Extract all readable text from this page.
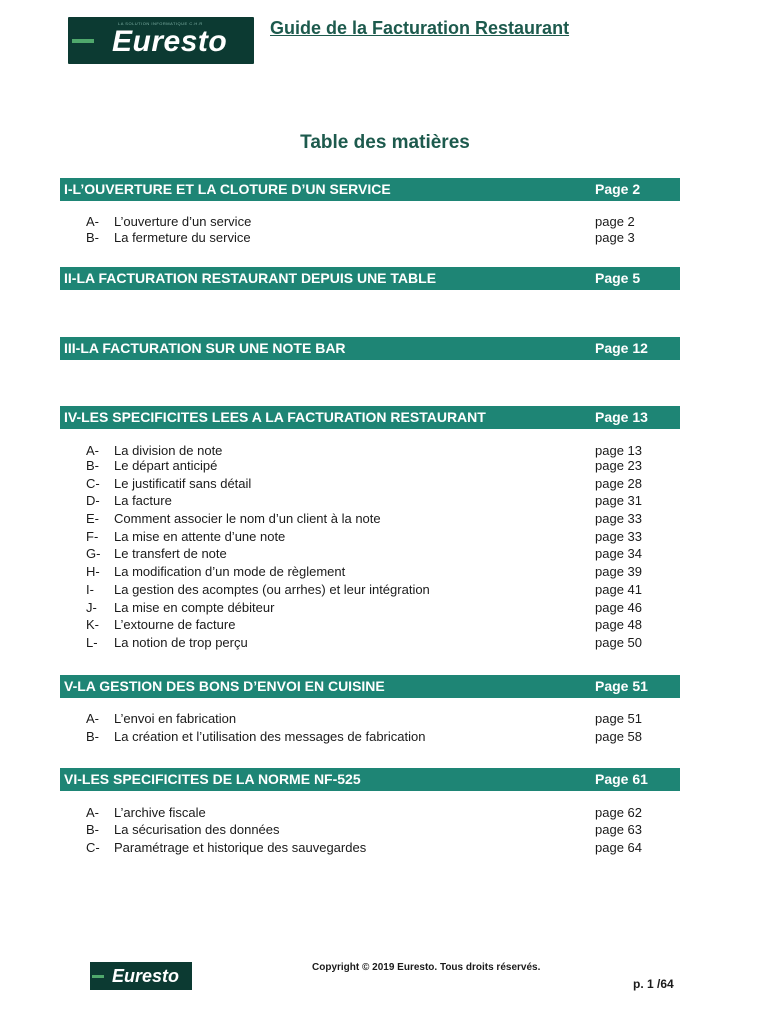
LA SOLUTION INFORMATIQUE C.H.R
Euresto Guide de la Facturation Restaurant
Table des matières
I-L’OUVERTURE ET LA CLOTURE D’UN SERVICE	Page 2
A- L’ouverture d’un service	page 2
B- La fermeture du service	page 3
II-LA FACTURATION RESTAURANT DEPUIS UNE TABLE	Page 5
III-LA FACTURATION SUR UNE NOTE BAR	Page 12
IV-LES SPECIFICITES LEES A LA FACTURATION RESTAURANT	Page 13
A- La division de note	page 13
B- Le départ anticipé	page 23
C- Le justificatif sans détail	page 28
D- La facture	page 31
E- Comment associer le nom d’un client à la note	page 33
F- La mise en attente d’une note	page 33
G- Le transfert de note	page 34
H- La modification d’un mode de règlement	page 39
I- La gestion des acomptes (ou arrhes) et leur intégration	page 41
J- La mise en compte débiteur	page 46
K- L’extourne de facture	page 48
L- La notion de trop perçu	page 50
V-LA GESTION DES BONS D’ENVOI EN CUISINE	Page 51
A- L’envoi en fabrication	page 51
B- La création et l’utilisation des messages de fabrication	page 58
VI-LES SPECIFICITES DE LA NORME NF-525	Page 61
A- L’archive fiscale	page 62
B- La sécurisation des données	page 63
C- Paramétrage et historique des sauvegardes	page 64
Euresto	Copyright © 2019 Euresto. Tous droits réservés.
p. 1 /64
